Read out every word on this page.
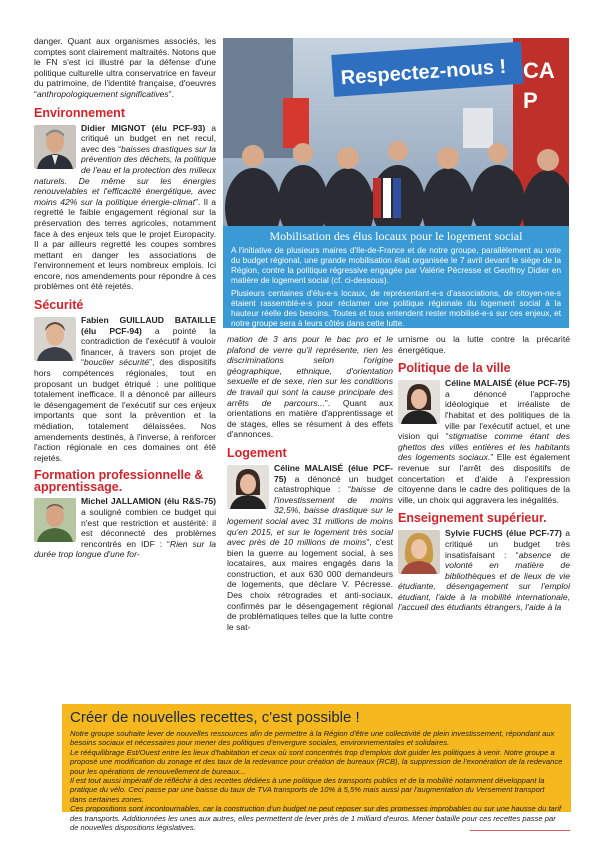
danger. Quant aux organismes associés, les comptes sont clairement maltraités. Notons que le FN s'est ici illustré par la défense d'une politique culturelle ultra conservatrice en faveur du patrimoine, de l'identité française, d'oeuvres “anthropologiquement significatives”.

Environnement

Didier MIGNOT (élu PCF-93) a critiqué un budget en net recul, avec des “baisses drastiques sur la prévention des déchets, la politique de l'eau et la protection des milieux naturels. De même sur les énergies renouvelables et l'efficacité énergétique, avec moins 42% sur la politique énergie-climat”. Il a regretté le faible engagement régional sur la préservation des terres agricoles, notamment face à des enjeux tels que le projet Europacity. Il a par ailleurs regretté les coupes sombres mettant en danger les associations de l'environnement et leurs nombreux emplois. Ici encore, nos amendements pour répondre à ces problèmes ont été rejetés.

Sécurité

Fabien GUILLAUD BATAILLE (élu PCF-94) a pointé la contradiction de l'exécutif à vouloir financer, à travers son projet de “bouclier sécurité”, des dispositifs hors compétences régionales, tout en proposant un budget étriqué : une politique totalement inefficace. Il a dénoncé par ailleurs le désengagement de l'exécutif sur ces enjeux importants que sont la prévention et la médiation, totalement délaissées. Nos amendements destinés, à l'inverse, à renforcer l'action régionale en ces domaines ont été rejetés.

Formation professionnelle & apprentissage.

Michel JALLAMION (élu R&S-75) a souligné combien ce budget qui n'est que restriction et austérité: il est déconnecté des problèmes rencontrés en IDF : “Rien sur la durée trop longue d'une for-

CA
P
Respectez-nous !
Mobilisation des élus locaux pour le logement social

A l'initiative de plusieurs maires d'Ile-de-France et de notre groupe, parallèlement au vote du budget régional, une grande mobilisation était organisée le 7 avril devant le siège de la Région, contre la politique régressive engagée par Valérie Pécresse et Geoffroy Didier en matière de logement social (cf. ci-dessous).

Plusieurs centaines d'élu-e-s locaux, de représentant-e-s d'associations, de citoyen-ne-s étaient rassemblé-e-s pour réclamer une politique régionale du logement social à la hauteur réelle des besoins. Toutes et tous entendent rester mobilisé-e-s sur ces enjeux, et notre groupe sera à leurs côtés dans cette lutte.

mation de 3 ans pour le bac pro et le plafond de verre qu'il représente, rien les discriminations selon l'origine géographique, ethnique, d'orientation sexuelle et de sexe, rien sur les conditions de travail qui sont la cause principale des arrêts de parcours...”. Quant aux orientations en matière d'apprentissage et de stages, elles se résument à des effets d'annonces.

Logement

Céline MALAISÉ (élue PCF-75) a dénoncé un budget catastrophique : “baisse de l'investissement de moins 32,5%, baisse drastique sur le logement social avec 31 millions de moins qu'en 2015, et sur le logement très social avec près de 10 millions de moins”, c'est bien la guerre au logement social, à ses locataires, aux maires engagés dans la construction, et aux 630 000 demandeurs de logements, que déclare V. Pécresse. Des choix rétrogrades et anti-sociaux, confirmés par le désengagement régional de problématiques telles que la lutte contre le sat-

urnisme ou la lutte contre la précarité énergétique.

Politique de la ville

Céline MALAISÉ (élue PCF-75) a dénoncé l'approche idéologique et irréaliste de l'habitat et des politiques de la ville par l'exécutif actuel, et une vision qui “stigmatise comme étant des ghettos des villes entières et les habitants des logements sociaux.” Elle est également revenue sur l'arrêt des dispositifs de concertation et d'aide à l'expression citoyenne dans le cadre des politiques de la ville, un choix qui aggravera les inégalités.

Enseignement supérieur.

Sylvie FUCHS (élue PCF-77) a critiqué un budget très insatisfaisant : “absence de volonté en matière de bibliothèques et de lieux de vie étudiante, désengagement sur l'emploi étudiant, l'aide à la mobilité internationale, l'accueil des étudiants étrangers, l'aide à la

Créer de nouvelles recettes, c'est possible !

Notre groupe souhaite lever de nouvelles ressources afin de permettre à la Région d'être une collectivité de plein investissement, répondant aux besoins sociaux et nécessaires pour mener des politiques d'envergure sociales, environnementales et solidaires.

Le rééquilibrage Est/Ouest entre les lieux d'habitation et ceux où sont concentrés trop d'emplois doit guider les politiques à venir. Notre groupe a proposé une modification du zonage et des taux de la redevance pour création de bureaux (RCB), la suppression de l'exonération de la redevance pour les opérations de renouvellement de bureaux...

Il est tout aussi impératif de réfléchir à des recettes dédiées à une politique des transports publics et de la mobilité notamment développant la pratique du vélo. Ceci passe par une baisse du taux de TVA transports de 10% à 5,5% mais aussi par l'augmentation du Versement transport dans certaines zones.

Ces propositions sont incontournables, car la construction d'un budget ne peut reposer sur des promesses improbables ou sur une hausse du tarif des transports. Additionnées les unes aux autres, elles permettent de lever près de 1 milliard d'euros. Mener bataille pour ces recettes passe par de nouvelles dispositions législatives.
